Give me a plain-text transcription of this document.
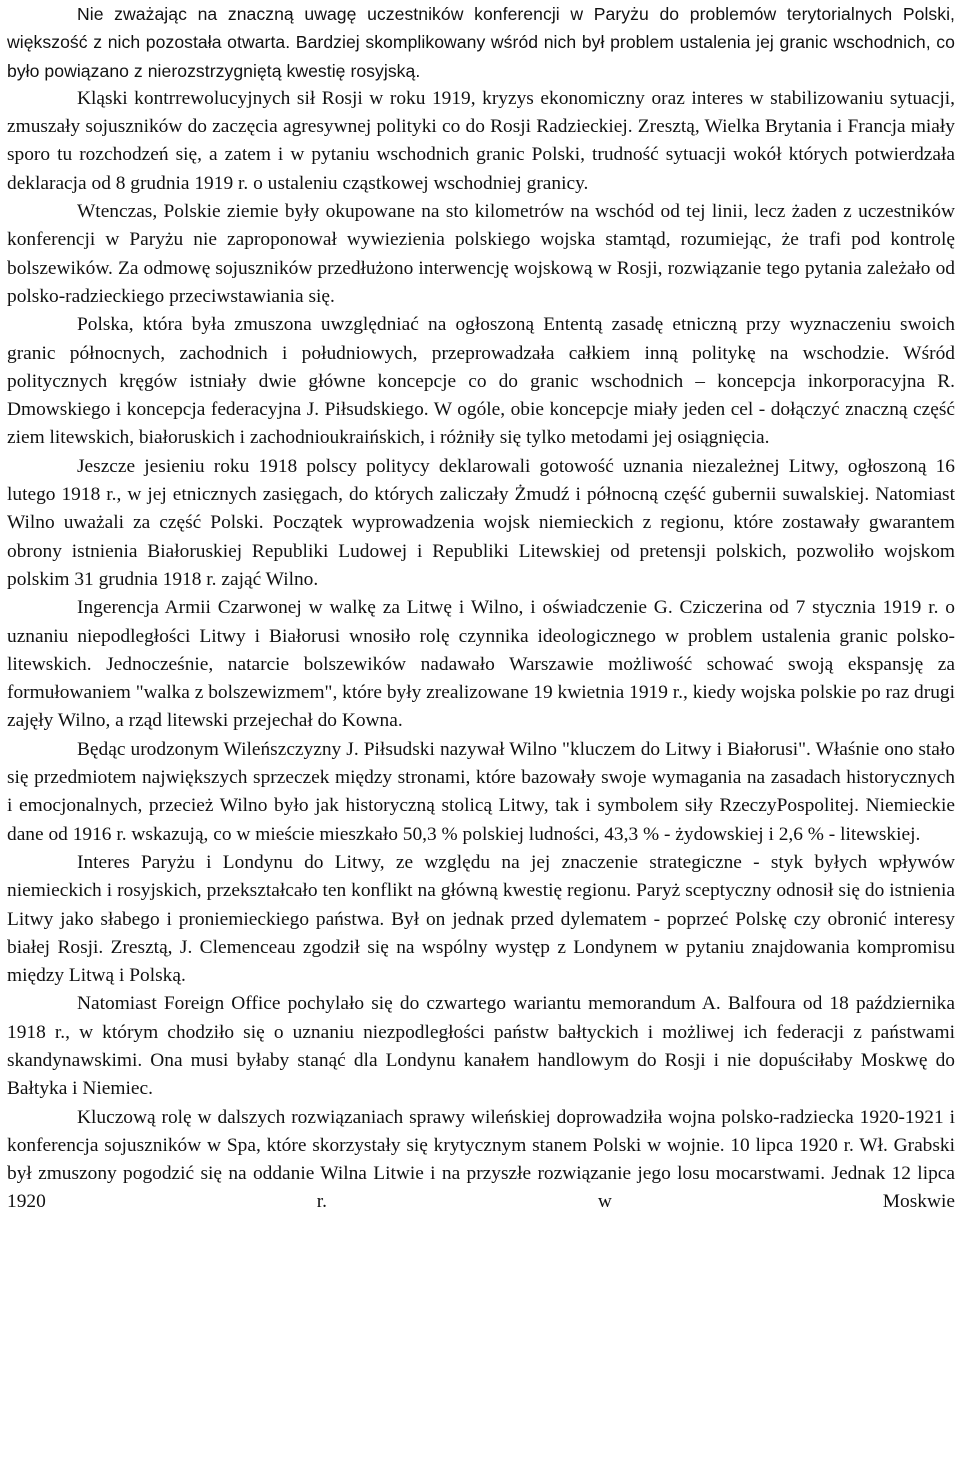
Nie zważając na znaczną uwagę uczestników konferencji w Paryżu do problemów terytorialnych Polski, większość z nich pozostała otwarta. Bardziej skomplikowany wśród nich był problem ustalenia jej granic wschodnich, co było powiązano z nierozstrzygniętą kwestię rosyjską.

Kląski kontrrewolucyjnych sił Rosji w roku 1919, kryzys ekonomiczny oraz interes w stabilizowaniu sytuacji, zmuszały sojuszników do zaczęcia agresywnej polityki co do Rosji Radzieckiej. Zresztą, Wielka Brytania i Francja miały sporo tu rozchodzeń się, a zatem i w pytaniu wschodnich granic Polski, trudność sytuacji wokół których potwierdzała deklaracja od 8 grudnia 1919 r. o ustaleniu cząstkowej wschodniej granicy.

Wtenczas, Polskie ziemie były okupowane na sto kilometrów na wschód od tej linii, lecz żaden z uczestników konferencji w Paryżu nie zaproponował wywiezienia polskiego wojska stamtąd, rozumiejąc, że trafi pod kontrolę bolszewików. Za odmowę sojuszników przedłużono interwencję wojskową w Rosji, rozwiązanie tego pytania zależało od polsko-radzieckiego przeciwstawiania się.

Polska, która była zmuszona uwzględniać na ogłoszoną Ententą zasadę etniczną przy wyznaczeniu swoich granic północnych, zachodnich i południowych, przeprowadzała całkiem inną politykę na wschodzie. Wśród politycznych kręgów istniały dwie główne koncepcje co do granic wschodnich – koncepcja inkorporacyjna R. Dmowskiego i koncepcja federacyjna J. Piłsudskiego. W ogóle, obie koncepcje miały jeden cel - dołączyć znaczną część ziem litewskich, białoruskich i zachodnioukraińskich, i różniły się tylko metodami jej osiągnięcia.

Jeszcze jesieniu roku 1918 polscy politycy deklarowali gotowość uznania niezależnej Litwy, ogłoszoną 16 lutego 1918 r., w jej etnicznych zasięgach, do których zaliczały Żmudź i północną część gubernii suwalskiej. Natomiast Wilno uważali za część Polski. Początek wyprowadzenia wojsk niemieckich z regionu, które zostawały gwarantem obrony istnienia Białoruskiej Republiki Ludowej i Republiki Litewskiej od pretensji polskich, pozwoliło wojskom polskim 31 grudnia 1918 r. zająć Wilno.

Ingerencja Armii Czarwonej w walkę za Litwę i Wilno, i oświadczenie G. Cziczerina od 7 stycznia 1919 r. o uznaniu niepodległości Litwy i Białorusi wnosiło rolę czynnika ideologicznego w problem ustalenia granic polsko-litewskich. Jednocześnie, natarcie bolszewików nadawało Warszawie możliwość schować swoją ekspansję za formułowaniem "walka z bolszewizmem", które były zrealizowane 19 kwietnia 1919 r., kiedy wojska polskie po raz drugi zajęły Wilno, a rząd litewski przejechał do Kowna.

Będąc urodzonym Wileńszczyzny J. Piłsudski nazywał Wilno "kluczem do Litwy i Białorusi". Właśnie ono stało się przedmiotem największych sprzeczek między stronami, które bazowały swoje wymagania na zasadach historycznych i emocjonalnych, przecież Wilno było jak historyczną stolicą Litwy, tak i symbolem siły RzeczyPospolitej. Niemieckie dane od 1916 r. wskazują, co w mieście mieszkało 50,3 % polskiej ludności, 43,3 % - żydowskiej i 2,6 % - litewskiej.

Interes Paryżu i Londynu do Litwy, ze względu na jej znaczenie strategiczne - styk byłych wpływów niemieckich i rosyjskich, przekształcało ten konflikt na główną kwestię regionu. Paryż sceptyczny odnosił się do istnienia Litwy jako słabego i proniemieckiego państwa. Był on jednak przed dylematem - poprzeć Polskę czy obronić interesy białej Rosji. Zresztą, J. Clemenceau zgodził się na wspólny występ z Londynem w pytaniu znajdowania kompromisu między Litwą i Polską.

Natomiast Foreign Office pochylało się do czwartego wariantu memorandum A. Balfoura od 18 października 1918 r., w którym chodziło się o uznaniu niezpodległości państw bałtyckich i możliwej ich federacji z państwami skandynawskimi. Ona musi byłaby stanąć dla Londynu kanałem handlowym do Rosji i nie dopuściłaby Moskwę do Bałtyka i Niemiec.

Kluczową rolę w dalszych rozwiązaniach sprawy wileńskiej doprowadziła wojna polsko-radziecka 1920-1921 i konferencja sojuszników w Spa, które skorzystały się krytycznym stanem Polski w wojnie. 10 lipca 1920 r. Wł. Grabski był zmuszony pogodzić się na oddanie Wilna Litwie i na przyszłe rozwiązanie jego losu mocarstwami. Jednak 12 lipca 1920 r. w Moskwie
